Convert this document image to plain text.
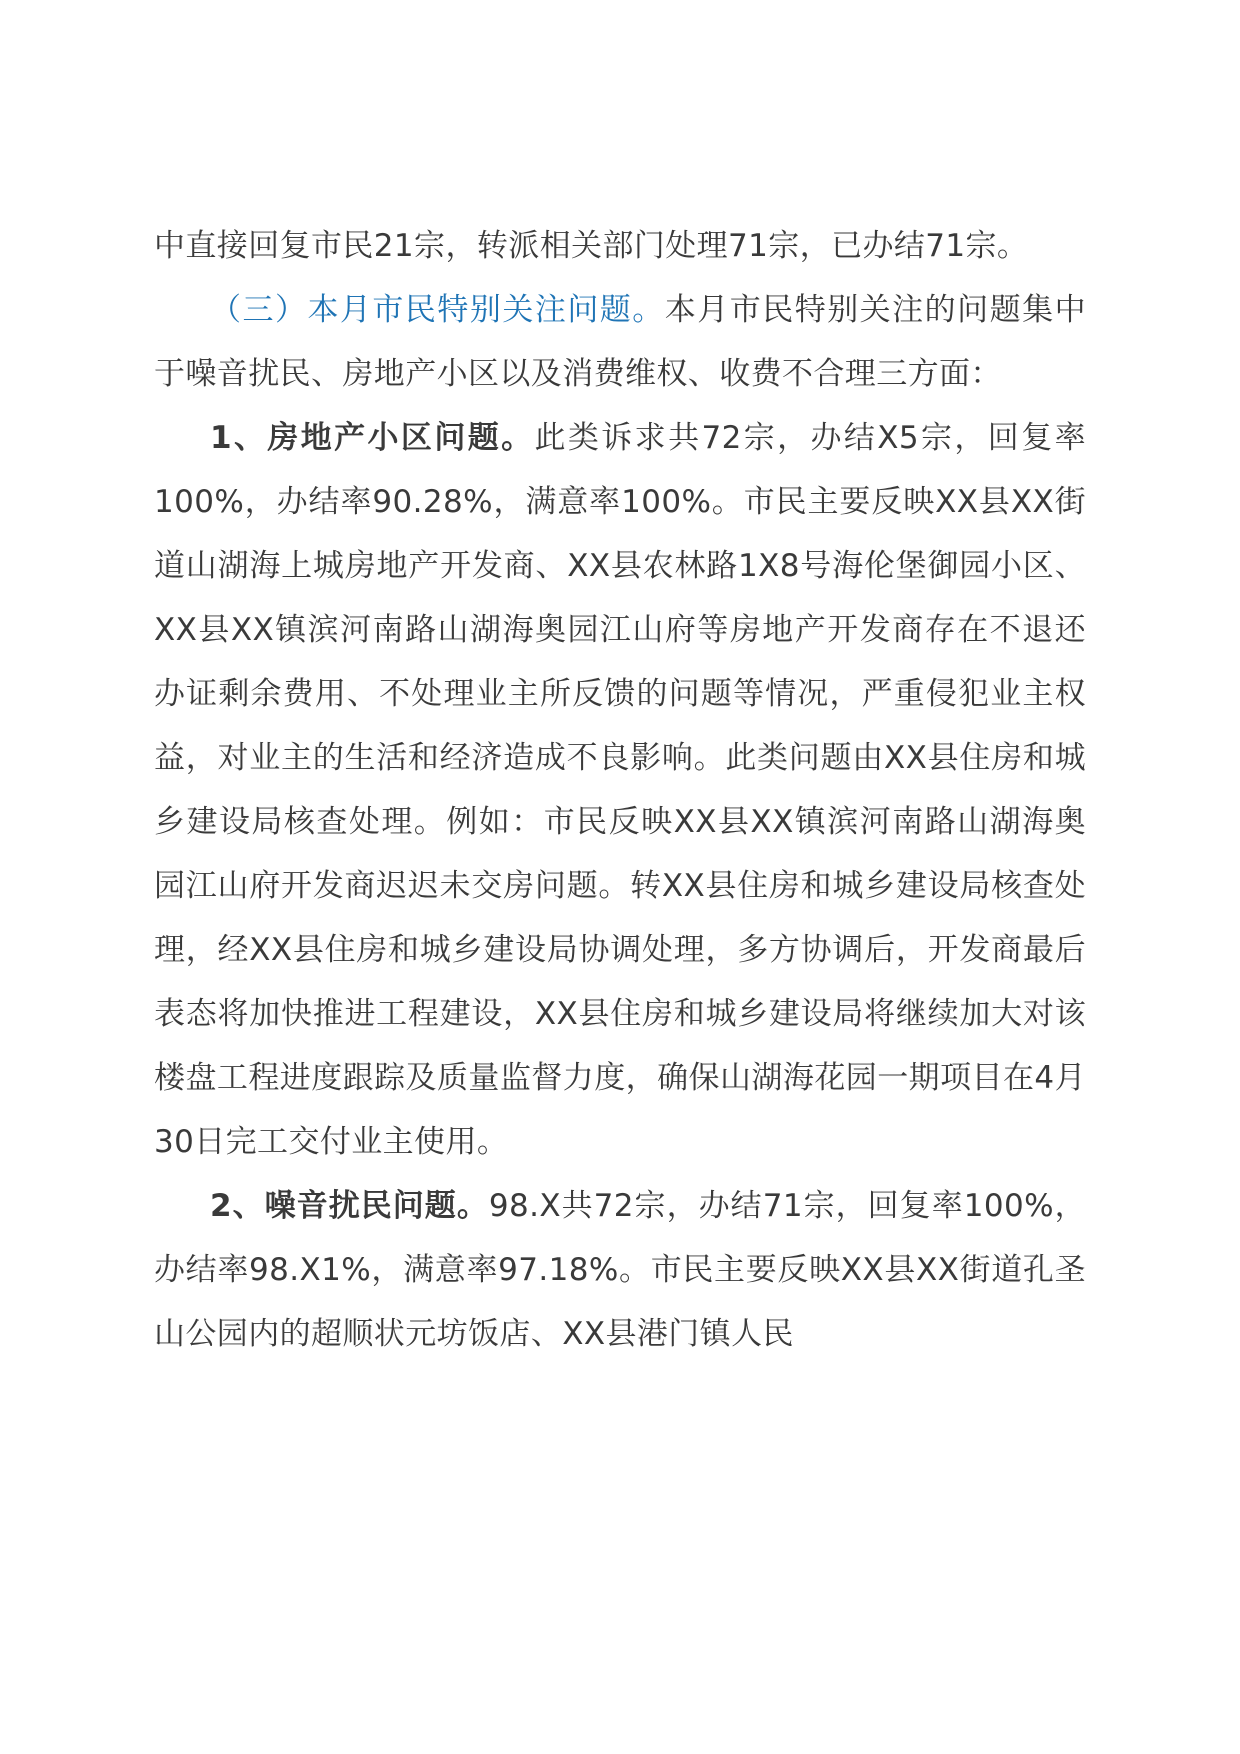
中直接回复市民21宗，转派相关部门处理71宗，已办结71宗。

（三）本月市民特别关注问题。本月市民特别关注的问题集中于噪音扰民、房地产小区以及消费维权、收费不合理三方面：

1、房地产小区问题。此类诉求共72宗，办结X5宗，回复率100%，办结率90.28%，满意率100%。市民主要反映XX县XX街道山湖海上城房地产开发商、XX县农林路1X8号海伦堡御园小区、XX县XX镇滨河南路山湖海奥园江山府等房地产开发商存在不退还办证剩余费用、不处理业主所反馈的问题等情况，严重侵犯业主权益，对业主的生活和经济造成不良影响。此类问题由XX县住房和城乡建设局核查处理。例如：市民反映XX县XX镇滨河南路山湖海奥园江山府开发商迟迟未交房问题。转XX县住房和城乡建设局核查处理，经XX县住房和城乡建设局协调处理，多方协调后，开发商最后表态将加快推进工程建设，XX县住房和城乡建设局将继续加大对该楼盘工程进度跟踪及质量监督力度，确保山湖海花园一期项目在4月30日完工交付业主使用。

2、噪音扰民问题。98.X共72宗，办结71宗，回复率100%，办结率98.X1%，满意率97.18%。市民主要反映XX县XX街道孔圣山公园内的超顺状元坊饭店、XX县港门镇人民
